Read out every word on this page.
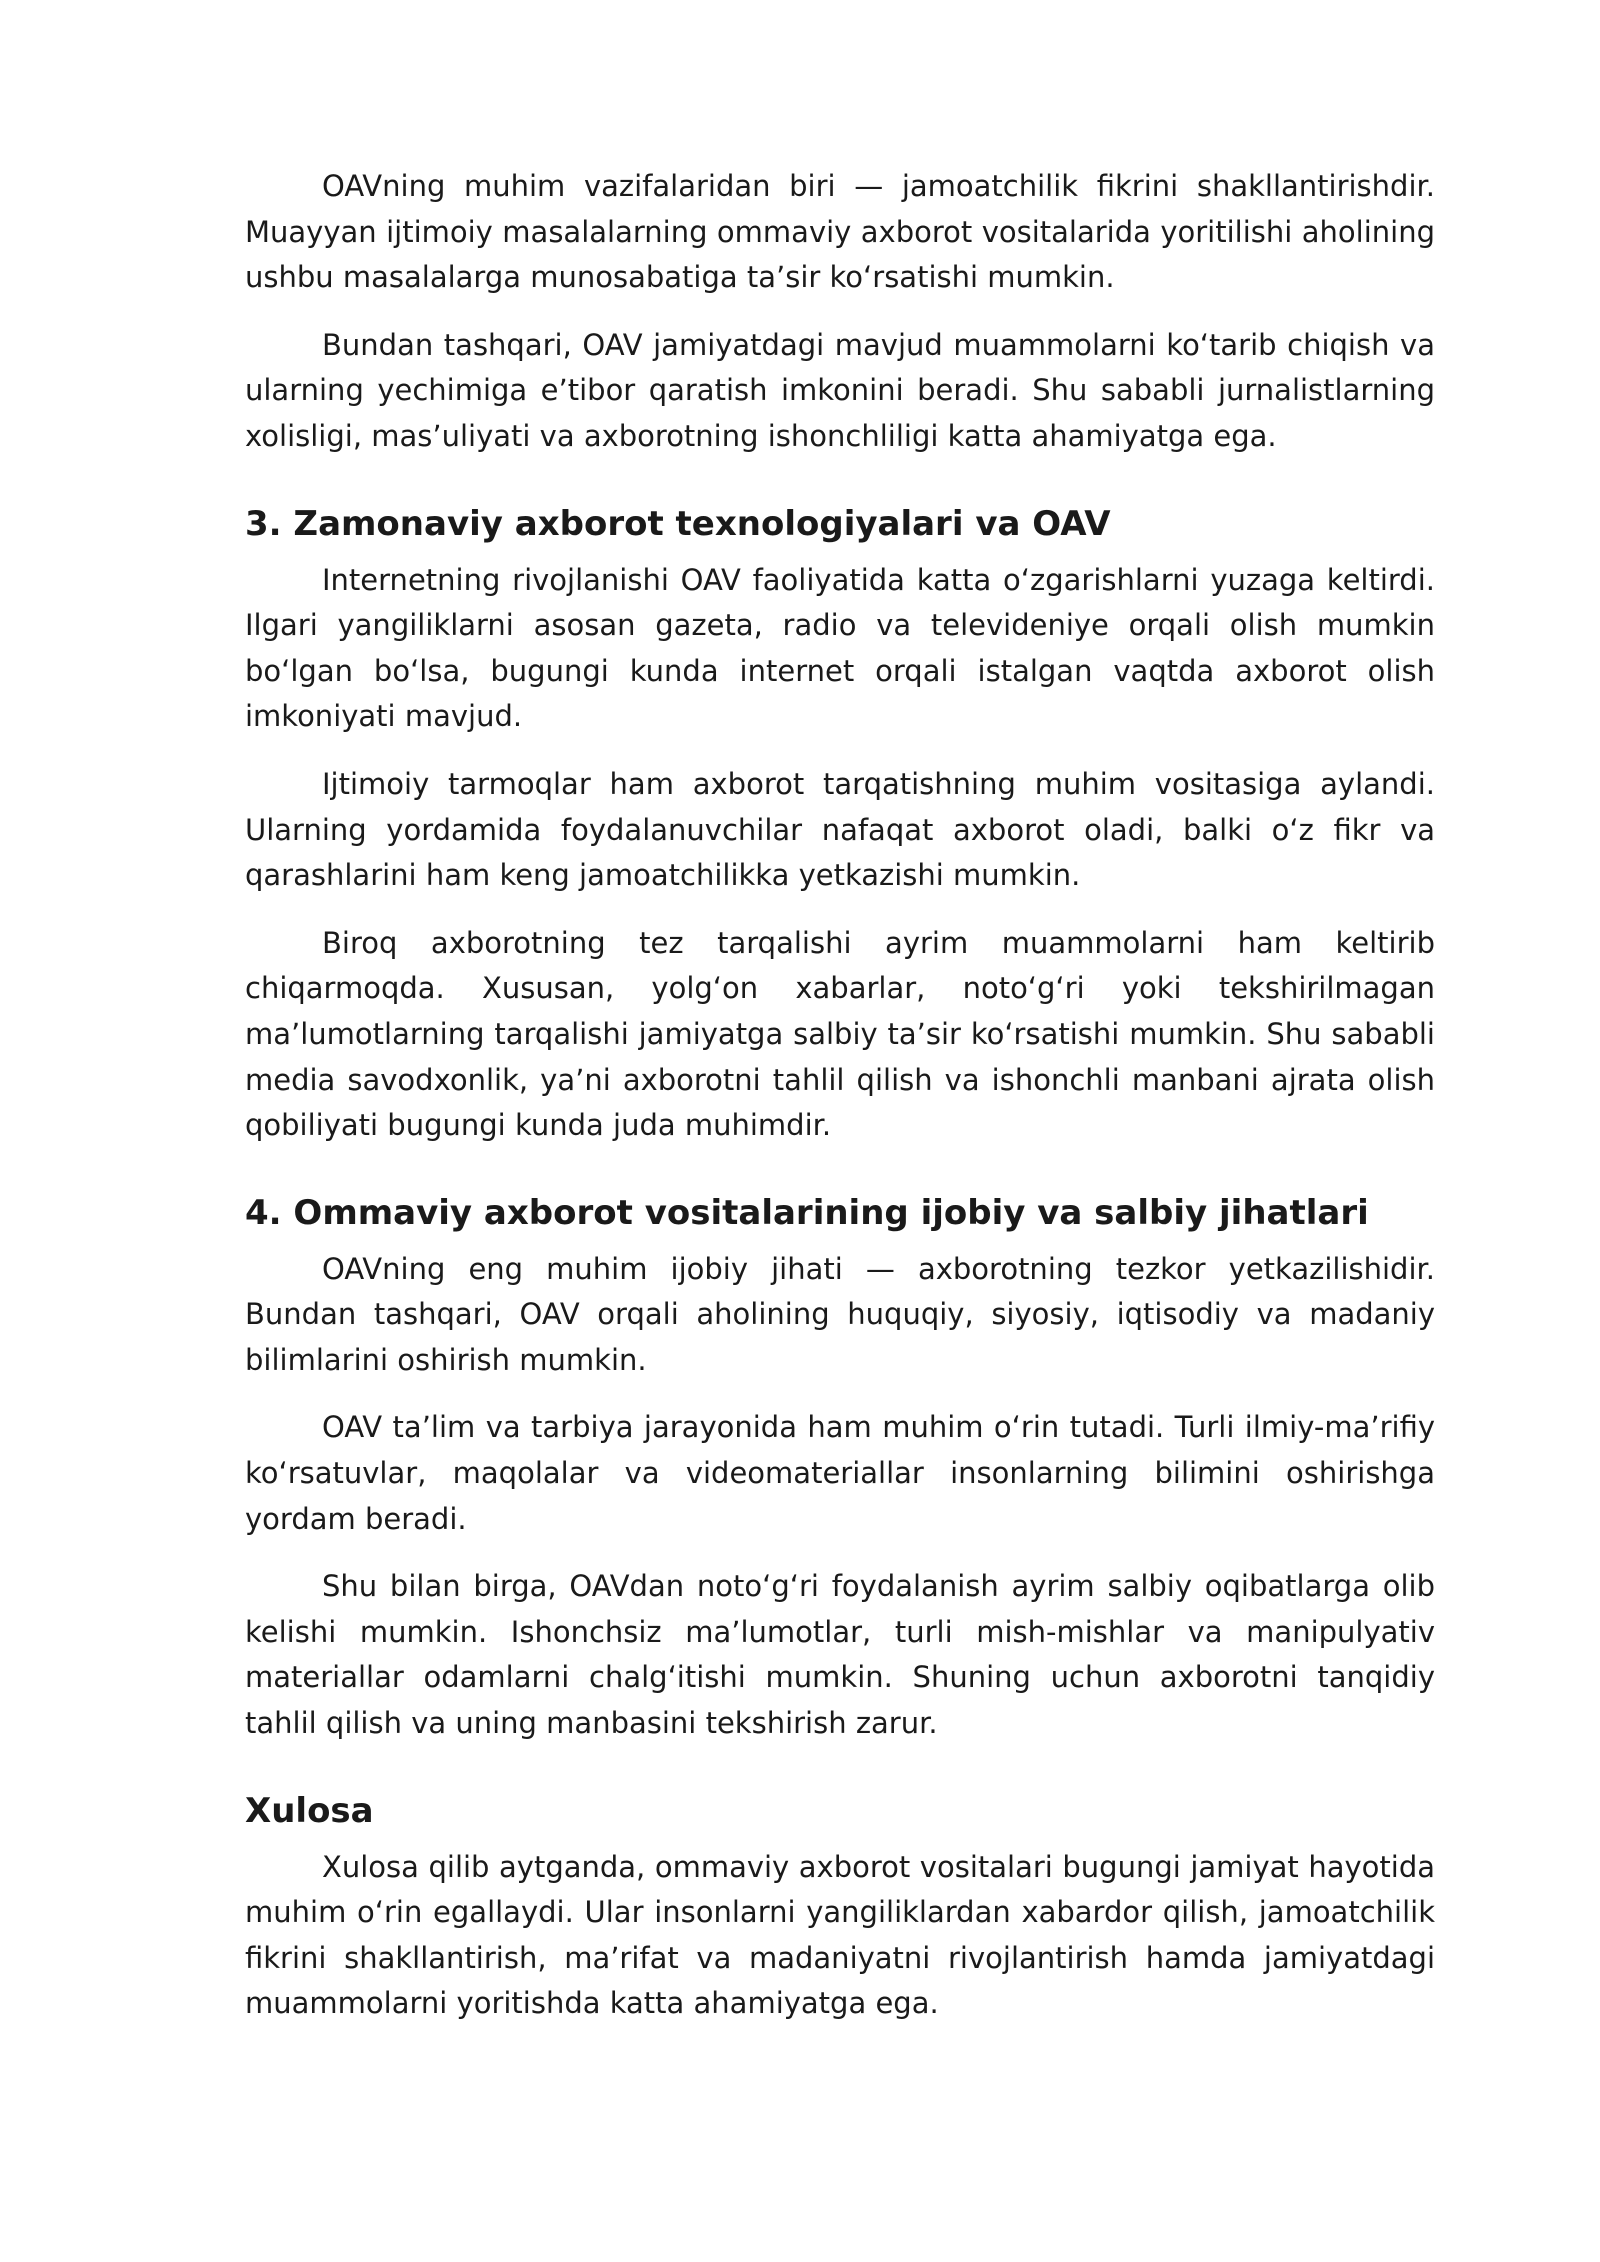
OAVning muhim vazifalaridan biri — jamoatchilik fikrini shakllantirishdir. Muayyan ijtimoiy masalalarning ommaviy axborot vositalarida yoritilishi aholining ushbu masalalarga munosabatiga ta’sir koʻrsatishi mumkin.

Bundan tashqari, OAV jamiyatdagi mavjud muammolarni koʻtarib chiqish va ularning yechimiga e’tibor qaratish imkonini beradi. Shu sababli jurnalistlarning xolisligi, mas’uliyati va axborotning ishonchliligi katta ahamiyatga ega.

3. Zamonaviy axborot texnologiyalari va OAV

Internetning rivojlanishi OAV faoliyatida katta oʻzgarishlarni yuzaga keltirdi. Ilgari yangiliklarni asosan gazeta, radio va televideniye orqali olish mumkin boʻlgan boʻlsa, bugungi kunda internet orqali istalgan vaqtda axborot olish imkoniyati mavjud.

Ijtimoiy tarmoqlar ham axborot tarqatishning muhim vositasiga aylandi. Ularning yordamida foydalanuvchilar nafaqat axborot oladi, balki oʻz fikr va qarashlarini ham keng jamoatchilikka yetkazishi mumkin.

Biroq axborotning tez tarqalishi ayrim muammolarni ham keltirib chiqarmoqda. Xususan, yolgʻon xabarlar, notoʻgʻri yoki tekshirilmagan ma’lumotlarning tarqalishi jamiyatga salbiy ta’sir koʻrsatishi mumkin. Shu sababli media savodxonlik, ya’ni axborotni tahlil qilish va ishonchli manbani ajrata olish qobiliyati bugungi kunda juda muhimdir.

4. Ommaviy axborot vositalarining ijobiy va salbiy jihatlari

OAVning eng muhim ijobiy jihati — axborotning tezkor yetkazilishidir. Bundan tashqari, OAV orqali aholining huquqiy, siyosiy, iqtisodiy va madaniy bilimlarini oshirish mumkin.

OAV ta’lim va tarbiya jarayonida ham muhim oʻrin tutadi. Turli ilmiy-ma’rifiy koʻrsatuvlar, maqolalar va videomateriallar insonlarning bilimini oshirishga yordam beradi.

Shu bilan birga, OAVdan notoʻgʻri foydalanish ayrim salbiy oqibatlarga olib kelishi mumkin. Ishonchsiz ma’lumotlar, turli mish-mishlar va manipulyativ materiallar odamlarni chalgʻitishi mumkin. Shuning uchun axborotni tanqidiy tahlil qilish va uning manbasini tekshirish zarur.

Xulosa

Xulosa qilib aytganda, ommaviy axborot vositalari bugungi jamiyat hayotida muhim oʻrin egallaydi. Ular insonlarni yangiliklardan xabardor qilish, jamoatchilik fikrini shakllantirish, ma’rifat va madaniyatni rivojlantirish hamda jamiyatdagi muammolarni yoritishda katta ahamiyatga ega.
